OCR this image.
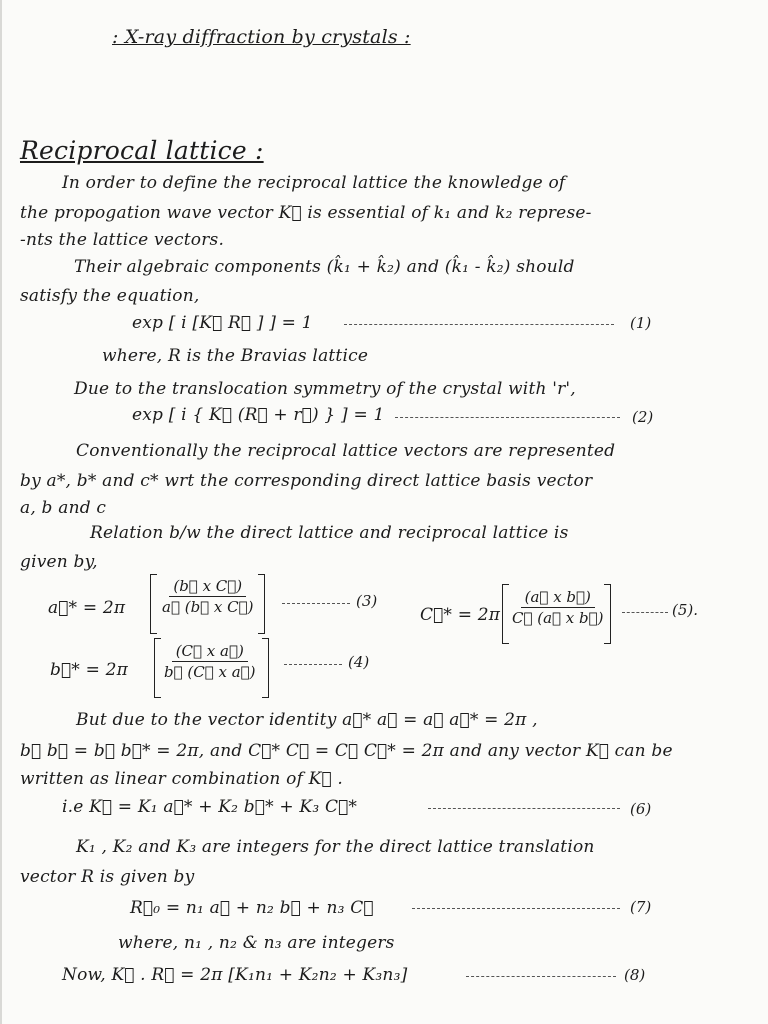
: X-ray diffraction by crystals :
Reciprocal lattice :
In order to define the reciprocal lattice the knowledge of
the propogation wave vector K⃗ is essential of k₁ and k₂ represe-
-nts the lattice vectors.
Their algebraic components (k̂₁ + k̂₂) and (k̂₁ - k̂₂) should
satisfy the equation,
exp [ i [K⃗ R⃗ ] ] = 1	(1)
where, R is the Bravias lattice
Due to the translocation symmetry of the crystal with 'r',
exp [ i { K⃗ (R⃗ + r⃗) } ] = 1	(2)
Conventionally the reciprocal lattice vectors are represented
by a*, b* and c* wrt the corresponding direct lattice basis vector
a, b and c
Relation b/w the direct lattice and reciprocal lattice is
given by,
a⃗* = $2\pi \frac{\text{(b⃗ x C⃗)}}{\text{a⃗ (b⃗ x C⃗)}}$	(3)
C⃗* = $2\pi \frac{\text{(a⃗ x b⃗)}}{\text{C⃗ (a⃗ x b⃗)}}$	(5).
b⃗* = $2\pi \frac{\text{(C⃗ x a⃗)}}{\text{b⃗ (C⃗ x a⃗)}}$	(4)
But due to the vector identity a⃗* a⃗ = a⃗ a⃗* = 2π ,
b⃗ b⃗ = b⃗ b⃗* = 2π, and C⃗* C⃗ = C⃗ C⃗* = 2π and any vector K⃗ can be
written as linear combination of K⃗ .
i.e K⃗ = K₁ a⃗* + K₂ b⃗* + K₃ C⃗*	(6)
K₁ , K₂ and K₃ are integers for the direct lattice translation
vector R is given by
R⃗₀ = n₁ a⃗ + n₂ b⃗ + n₃ C⃗	(7)
where, n₁ , n₂ & n₃ are integers
Now, K⃗ . R⃗ = 2π [K₁n₁ + K₂n₂ + K₃n₃]	(8)
